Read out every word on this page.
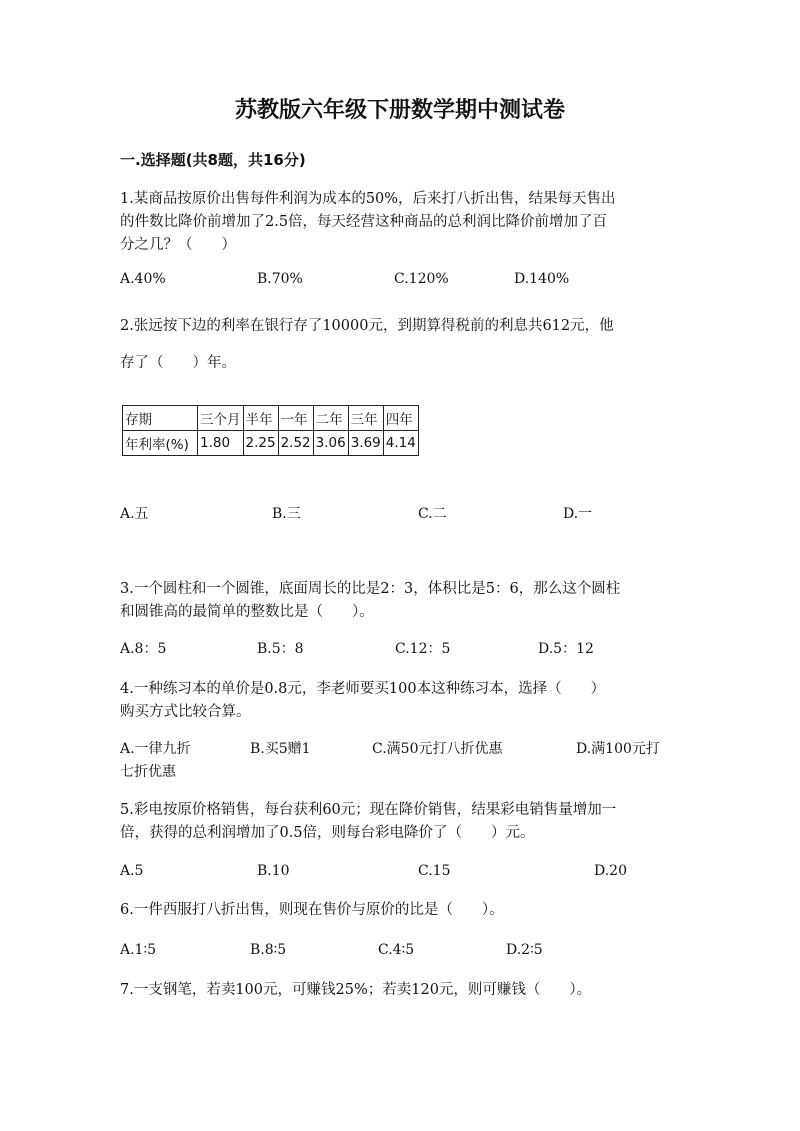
苏教版六年级下册数学期中测试卷
一.选择题(共8题，共16分)
1.某商品按原价出售每件利润为成本的50%，后来打八折出售，结果每天售出
的件数比降价前增加了2.5倍，每天经营这种商品的总利润比降价前增加了百
分之几？（　　）
A.40%	B.70%	C.120%	D.140%
2.张远按下边的利率在银行存了10000元，到期算得税前的利息共612元，他
存了（　　）年。
存期	三个月	半年	一年	二年	三年	四年
年利率(%)	1.80	2.25	2.52	3.06	3.69	4.14
A.五	B.三	C.二	D.一
3.一个圆柱和一个圆锥，底面周长的比是2：3，体积比是5：6，那么这个圆柱
和圆锥高的最简单的整数比是（　　）。
A.8：5	B.5：8	C.12：5	D.5：12
4.一种练习本的单价是0.8元，李老师要买100本这种练习本，选择（　　）
购买方式比较合算。
A.一律九折	B.买5赠1	C.满50元打八折优惠	D.满100元打
七折优惠
5.彩电按原价格销售，每台获利60元；现在降价销售，结果彩电销售量增加一
倍，获得的总利润增加了0.5倍，则每台彩电降价了（　　）元。
A.5	B.10	C.15	D.20
6.一件西服打八折出售，则现在售价与原价的比是（　　）。
A.1∶5	B.8∶5	C.4∶5	D.2∶5
7.一支钢笔，若卖100元，可赚钱25%；若卖120元，则可赚钱（　　）。
